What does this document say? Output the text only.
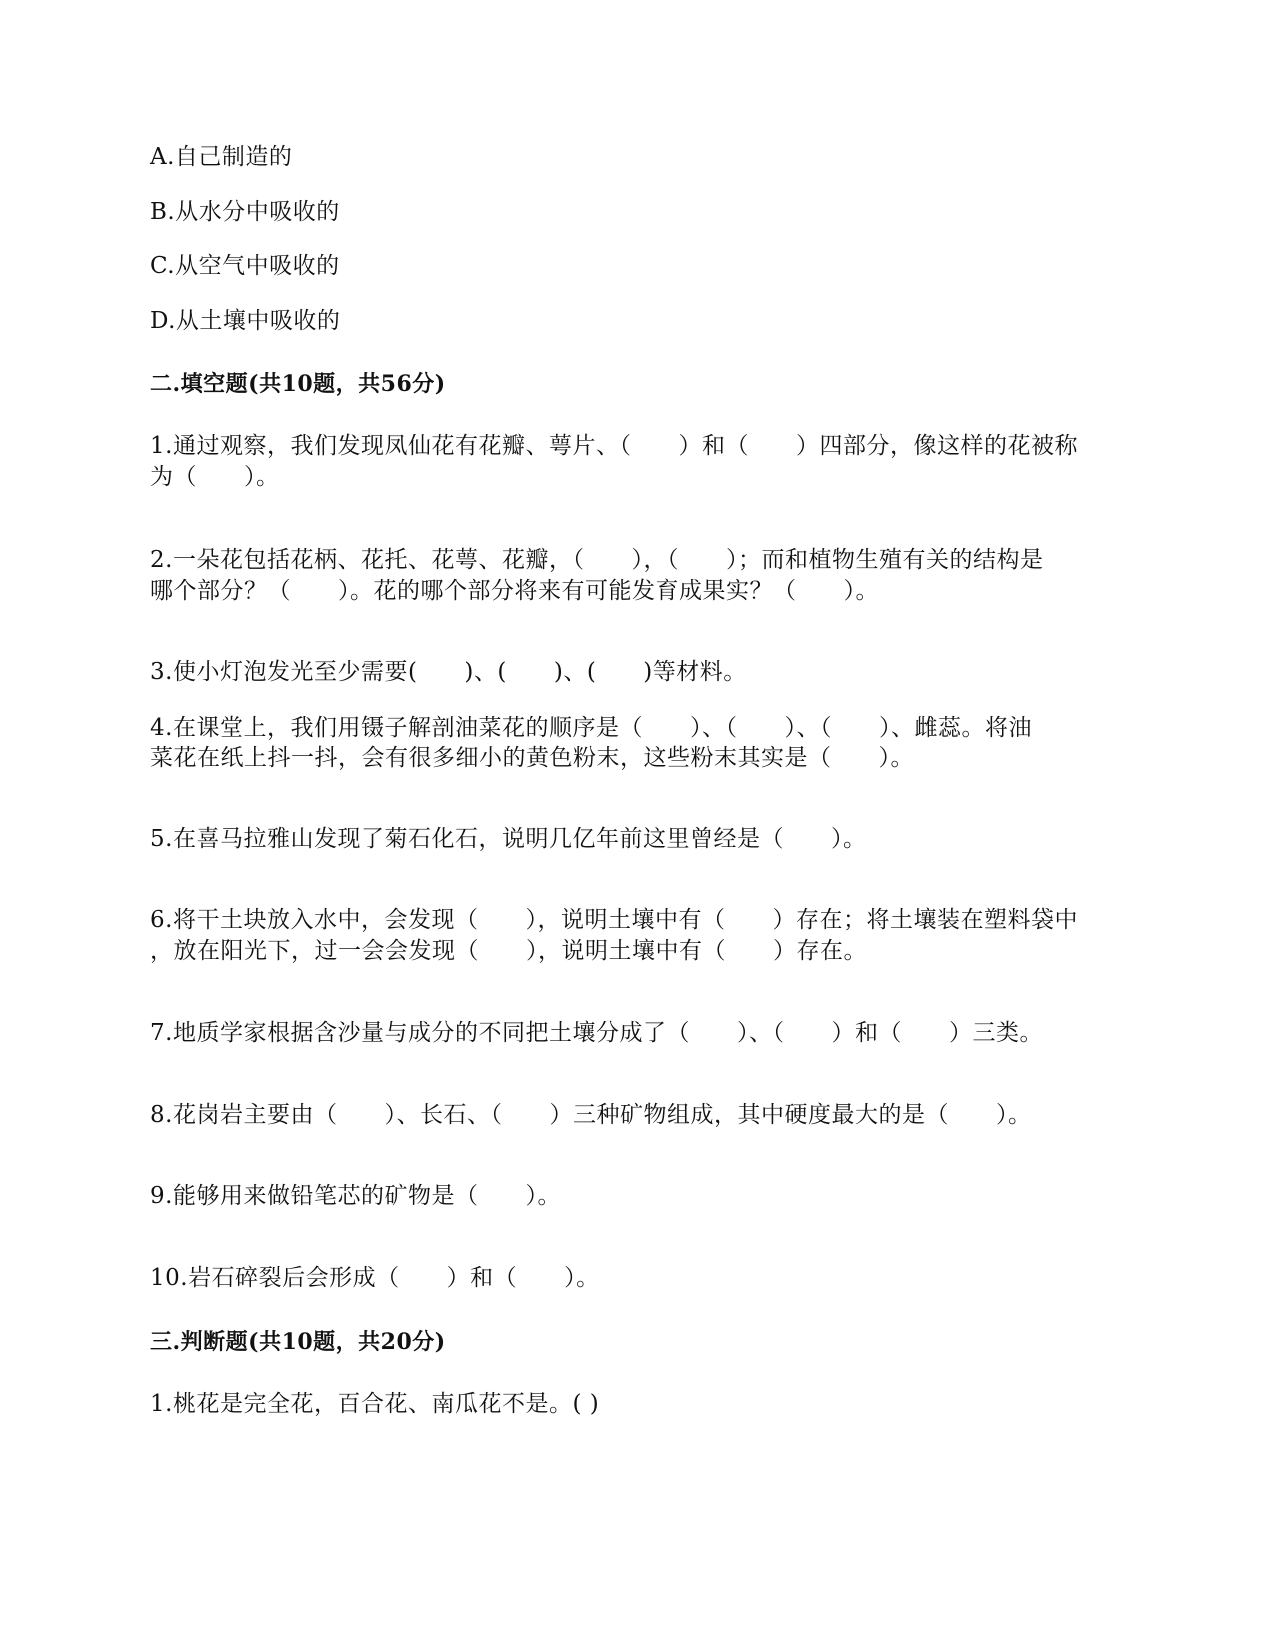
A.自己制造的
B.从水分中吸收的
C.从空气中吸收的
D.从土壤中吸收的
二.填空题(共10题，共56分)
1.通过观察，我们发现凤仙花有花瓣、萼片、（　　）和（　　）四部分，像这样的花被称
为（　　）。
2.一朵花包括花柄、花托、花萼、花瓣，（　　），（　　）；而和植物生殖有关的结构是
哪个部分？（　　）。花的哪个部分将来有可能发育成果实？（　　）。
3.使小灯泡发光至少需要(　　)、(　　)、(　　)等材料。
4.在课堂上，我们用镊子解剖油菜花的顺序是（　　）、（　　）、（　　）、雌蕊。将油
菜花在纸上抖一抖，会有很多细小的黄色粉末，这些粉末其实是（　　）。
5.在喜马拉雅山发现了菊石化石，说明几亿年前这里曾经是（　　）。
6.将干土块放入水中，会发现（　　），说明土壤中有（　　）存在；将土壤装在塑料袋中
，放在阳光下，过一会会发现（　　），说明土壤中有（　　）存在。
7.地质学家根据含沙量与成分的不同把土壤分成了（　　）、（　　）和（　　）三类。
8.花岗岩主要由（　　）、长石、（　　）三种矿物组成，其中硬度最大的是（　　）。
9.能够用来做铅笔芯的矿物是（　　）。
10.岩石碎裂后会形成（　　）和（　　）。
三.判断题(共10题，共20分)
1.桃花是完全花，百合花、南瓜花不是。( )
